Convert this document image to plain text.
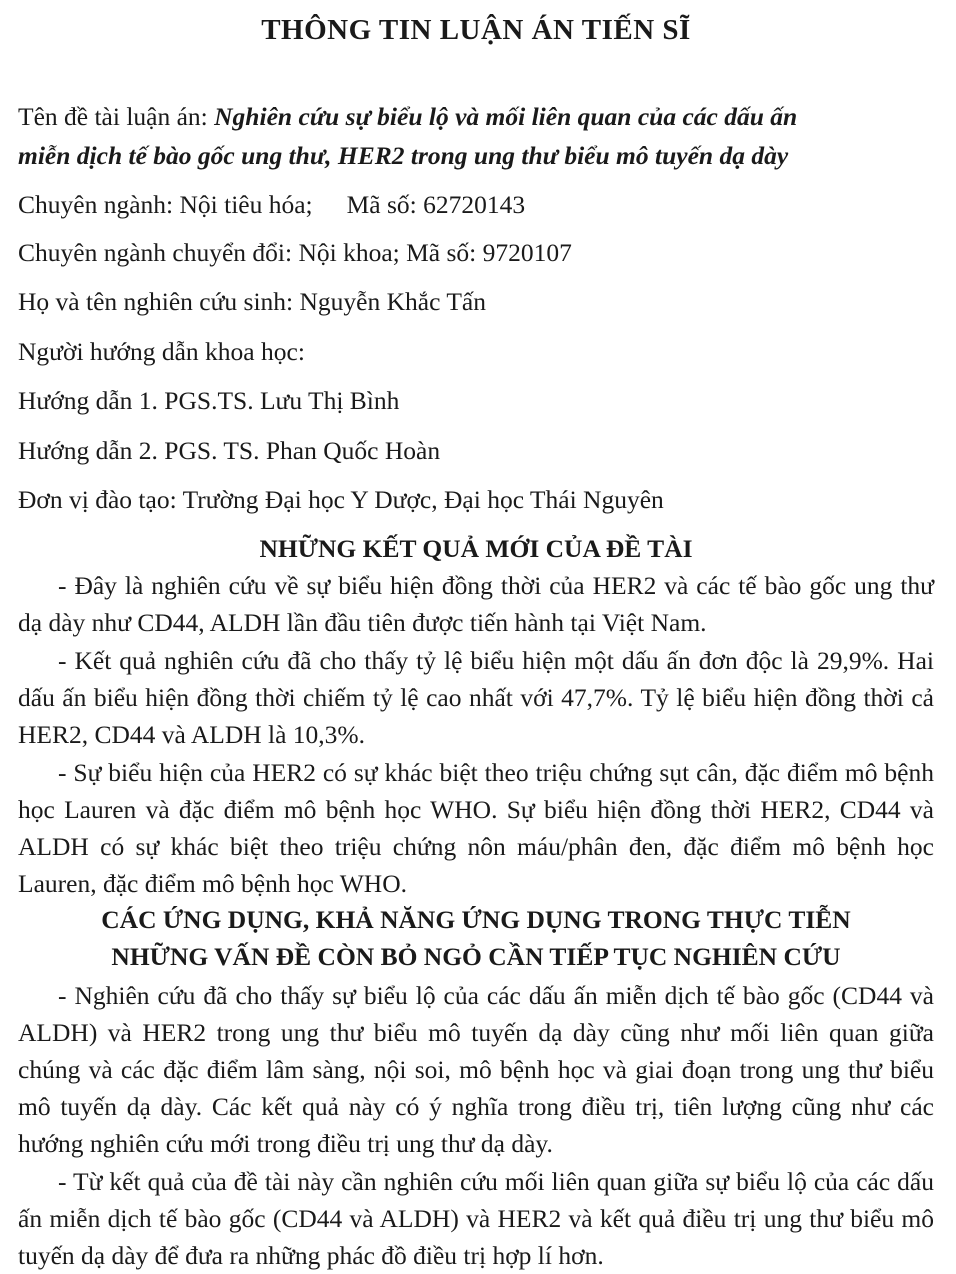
THÔNG TIN LUẬN ÁN TIẾN SĨ
Tên đề tài luận án: Nghiên cứu sự biểu lộ và mối liên quan của các dấu ấn
miễn dịch tế bào gốc ung thư, HER2 trong ung thư biểu mô tuyến dạ dày
Chuyên ngành: Nội tiêu hóa; Mã số: 62720143
Chuyên ngành chuyển đổi: Nội khoa; Mã số: 9720107
Họ và tên nghiên cứu sinh: Nguyễn Khắc Tấn
Người hướng dẫn khoa học:
Hướng dẫn 1. PGS.TS. Lưu Thị Bình
Hướng dẫn 2. PGS. TS. Phan Quốc Hoàn
Đơn vị đào tạo: Trường Đại học Y Dược, Đại học Thái Nguyên
NHỮNG KẾT QUẢ MỚI CỦA ĐỀ TÀI
- Đây là nghiên cứu về sự biểu hiện đồng thời của HER2 và các tế bào gốc ung thư dạ dày như CD44, ALDH lần đầu tiên được tiến hành tại Việt Nam.
- Kết quả nghiên cứu đã cho thấy tỷ lệ biểu hiện một dấu ấn đơn độc là 29,9%. Hai dấu ấn biểu hiện đồng thời chiếm tỷ lệ cao nhất với 47,7%. Tỷ lệ biểu hiện đồng thời cả HER2, CD44 và ALDH là 10,3%.
- Sự biểu hiện của HER2 có sự khác biệt theo triệu chứng sụt cân, đặc điểm mô bệnh học Lauren và đặc điểm mô bệnh học WHO. Sự biểu hiện đồng thời HER2, CD44 và ALDH có sự khác biệt theo triệu chứng nôn máu/phân đen, đặc điểm mô bệnh học Lauren, đặc điểm mô bệnh học WHO.
CÁC ỨNG DỤNG, KHẢ NĂNG ỨNG DỤNG TRONG THỰC TIỄN
NHỮNG VẤN ĐỀ CÒN BỎ NGỎ CẦN TIẾP TỤC NGHIÊN CỨU
- Nghiên cứu đã cho thấy sự biểu lộ của các dấu ấn miễn dịch tế bào gốc (CD44 và ALDH) và HER2 trong ung thư biểu mô tuyến dạ dày cũng như mối liên quan giữa chúng và các đặc điểm lâm sàng, nội soi, mô bệnh học và giai đoạn trong ung thư biểu mô tuyến dạ dày. Các kết quả này có ý nghĩa trong điều trị, tiên lượng cũng như các hướng nghiên cứu mới trong điều trị ung thư dạ dày.
- Từ kết quả của đề tài này cần nghiên cứu mối liên quan giữa sự biểu lộ của các dấu ấn miễn dịch tế bào gốc (CD44 và ALDH) và HER2 và kết quả điều trị ung thư biểu mô tuyến dạ dày để đưa ra những phác đồ điều trị hợp lí hơn.
